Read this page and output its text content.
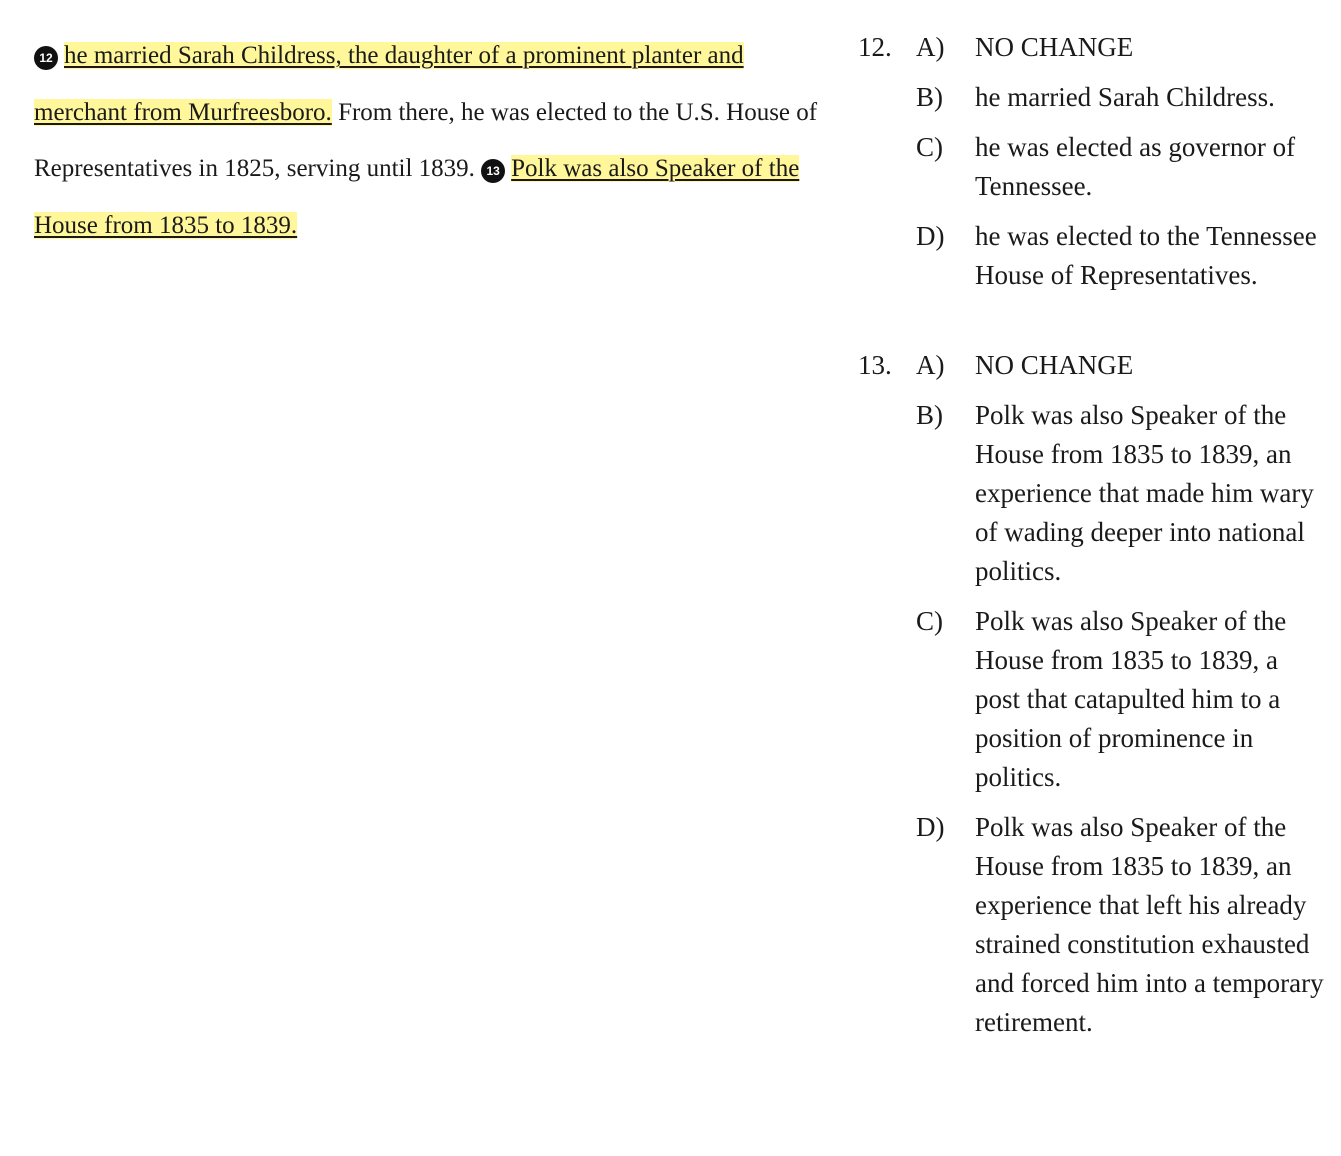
12 he married Sarah Childress, the daughter of a prominent planter and merchant from Murfreesboro. From there, he was elected to the U.S. House of Representatives in 1825, serving until 1839. 13 Polk was also Speaker of the House from 1835 to 1839.

12. A) NO CHANGE
B) he married Sarah Childress.
C) he was elected as governor of Tennessee.
D) he was elected to the Tennessee House of Representatives.
13. A) NO CHANGE
B) Polk was also Speaker of the House from 1835 to 1839, an experience that made him wary of wading deeper into national politics.
C) Polk was also Speaker of the House from 1835 to 1839, a post that catapulted him to a position of prominence in politics.
D) Polk was also Speaker of the House from 1835 to 1839, an experience that left his already strained constitution exhausted and forced him into a temporary retirement.
